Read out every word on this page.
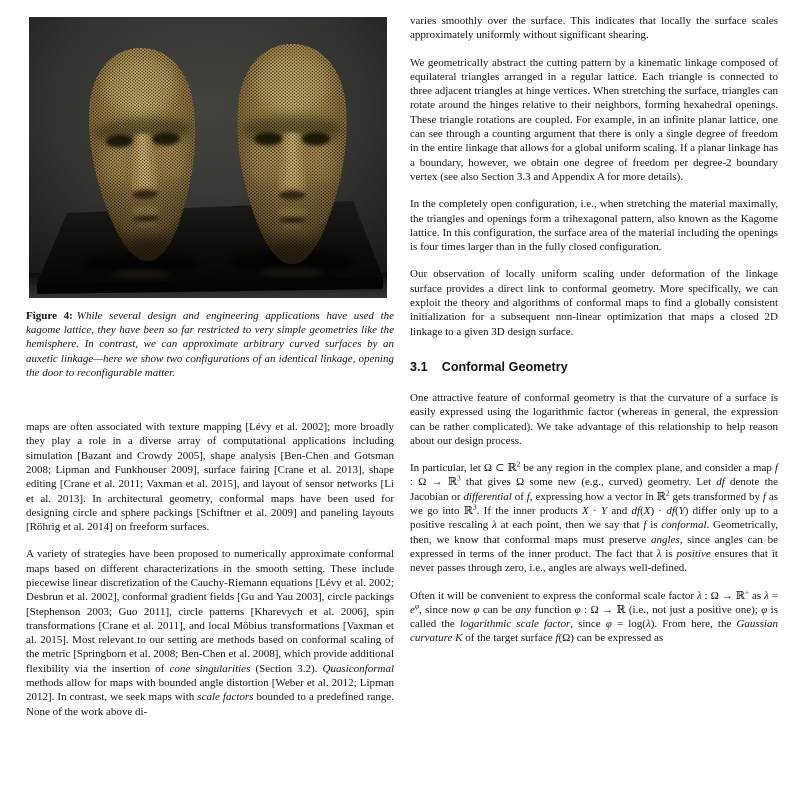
Figure 4: While several design and engineering applications have used the kagome lattice, they have been so far restricted to very simple geometries like the hemisphere. In contrast, we can approximate arbitrary curved surfaces by an auxetic linkage—here we show two configurations of an identical linkage, opening the door to reconfigurable matter.

maps are often associated with texture mapping [Lévy et al. 2002]; more broadly they play a role in a diverse array of computational applications including simulation [Bazant and Crowdy 2005], shape analysis [Ben-Chen and Gotsman 2008; Lipman and Funkhouser 2009], surface fairing [Crane et al. 2013], shape editing [Crane et al. 2011; Vaxman et al. 2015], and layout of sensor networks [Li et al. 2013]. In architectural geometry, conformal maps have been used for designing circle and sphere packings [Schiftner et al. 2009] and paneling layouts [Röhrig et al. 2014] on freeform surfaces.

A variety of strategies have been proposed to numerically approximate conformal maps based on different characterizations in the smooth setting. These include piecewise linear discretization of the Cauchy-Riemann equations [Lévy et al. 2002; Desbrun et al. 2002], conformal gradient fields [Gu and Yau 2003], circle packings [Stephenson 2003; Guo 2011], circle patterns [Kharevych et al. 2006], spin transformations [Crane et al. 2011], and local Möbius transformations [Vaxman et al. 2015]. Most relevant to our setting are methods based on conformal scaling of the metric [Springborn et al. 2008; Ben-Chen et al. 2008], which provide additional flexibility via the insertion of cone singularities (Section 3.2). Quasiconformal methods allow for maps with bounded angle distortion [Weber et al. 2012; Lipman 2012]. In contrast, we seek maps with scale factors bounded to a predefined range. None of the work above di-

varies smoothly over the surface. This indicates that locally the surface scales approximately uniformly without significant shearing.

We geometrically abstract the cutting pattern by a kinematic linkage composed of equilateral triangles arranged in a regular lattice. Each triangle is connected to three adjacent triangles at hinge vertices. When stretching the surface, triangles can rotate around the hinges relative to their neighbors, forming hexahedral openings. These triangle rotations are coupled. For example, in an infinite planar lattice, one can see through a counting argument that there is only a single degree of freedom in the entire linkage that allows for a global uniform scaling. If a planar linkage has a boundary, however, we obtain one degree of freedom per degree-2 boundary vertex (see also Section 3.3 and Appendix A for more details).

In the completely open configuration, i.e., when stretching the material maximally, the triangles and openings form a trihexagonal pattern, also known as the Kagome lattice. In this configuration, the surface area of the material including the openings is four times larger than in the fully closed configuration.

Our observation of locally uniform scaling under deformation of the linkage surface provides a direct link to conformal geometry. More specifically, we can exploit the theory and algorithms of conformal maps to find a globally consistent initialization for a subsequent non-linear optimization that maps a closed 2D linkage to a given 3D design surface.

3.1 Conformal Geometry

One attractive feature of conformal geometry is that the curvature of a surface is easily expressed using the logarithmic factor (whereas in general, the expression can be rather complicated). We take advantage of this relationship to help reason about our design process.

In particular, let Ω ⊂ ℝ$^2$ be any region in the complex plane, and consider a map f : Ω → ℝ$^3$ that gives Ω some new (e.g., curved) geometry. Let df denote the Jacobian or differential of f, expressing how a vector in ℝ$^2$ gets transformed by f as we go into ℝ$^3$. If the inner products X · Y and df(X) · df(Y) differ only up to a positive rescaling λ at each point, then we say that f is conformal. Geometrically, then, we know that conformal maps must preserve angles, since angles can be expressed in terms of the inner product. The fact that λ is positive ensures that it never passes through zero, i.e., angles are always well-defined.

Often it will be convenient to express the conformal scale factor λ : Ω → ℝ+ as $\lambda = e^\varphi$, since now φ can be any function φ : Ω → ℝ (i.e., not just a positive one); φ is called the logarithmic scale factor, since φ = log(λ). From here, the Gaussian curvature K of the target surface f(Ω) can be expressed as
